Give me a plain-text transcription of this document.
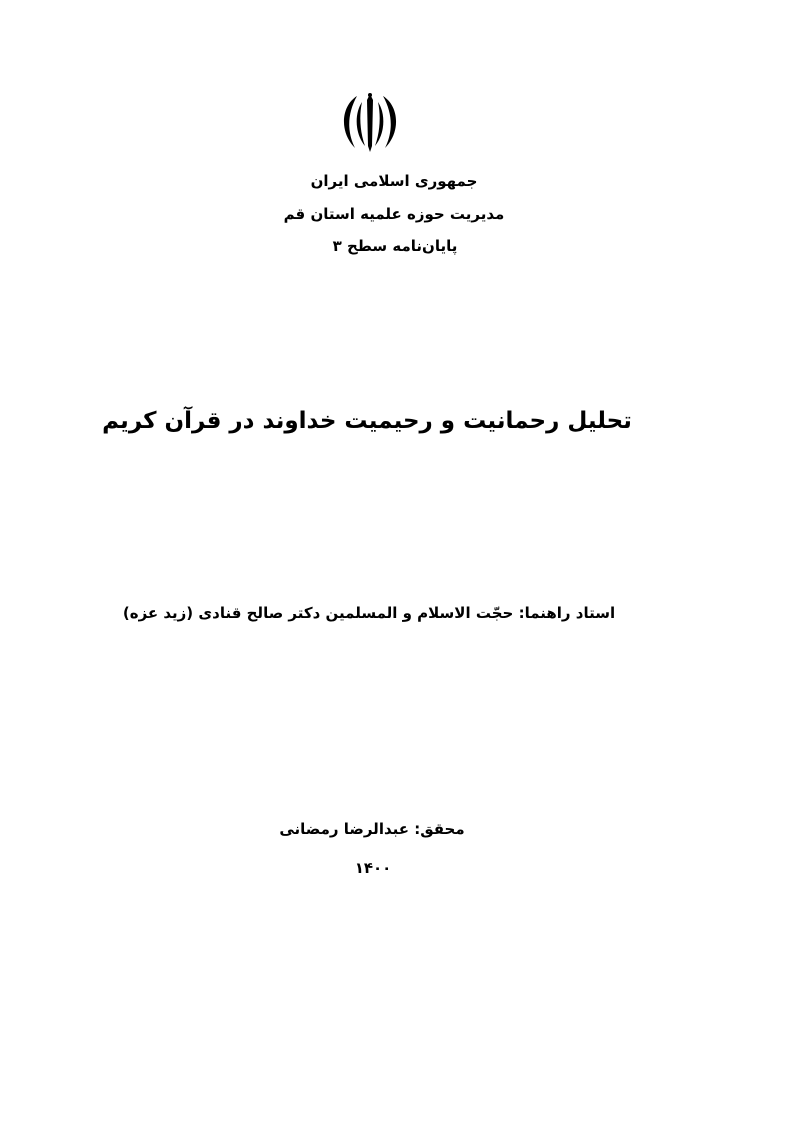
جمهوری اسلامی ایران
مدیریت حوزه علمیه استان قم
پایان‌نامه سطح ۳
تحلیل رحمانیت و رحیمیت خداوند در قرآن کریم
استاد راهنما: حجّت الاسلام و المسلمین دکتر صالح قنادی (زید عزه)
محقق: عبدالرضا رمضانی
۱۴۰۰
